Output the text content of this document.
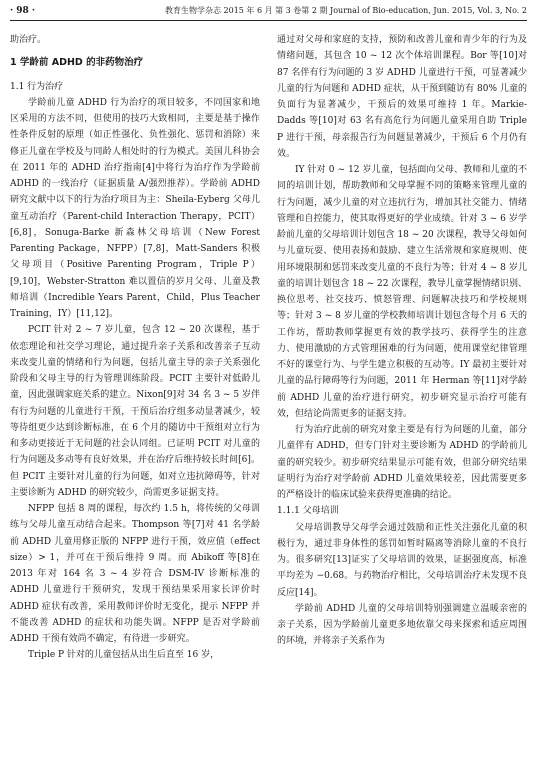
· 98 ·	教育生物学杂志 2015 年 6 月 第 3 卷第 2 期 Journal of Bio-education, Jun. 2015, Vol. 3, No. 2

助治疗。

1 学龄前 ADHD 的非药物治疗

1.1 行为治疗

学龄前儿童 ADHD 行为治疗的项目较多，不同国家和地区采用的方法不同，但使用的技巧大致相同，主要是基于操作性条件反射的原理（如正性强化、负性强化、惩罚和消除）来修正儿童在学校及与同龄人相处时的行为模式。美国儿科协会在 2011 年的 ADHD 治疗指南[4]中将行为治疗作为学龄前 ADHD 的一线治疗（证据质量 A/强烈推荐）。学龄前 ADHD 研究文献中以下的行为治疗项目为主：Sheila-Eyberg 父母儿童互动治疗（Parent-child Interaction Therapy，PCIT）[6,8]，Sonuga-Barke 新森林父母培训（New Forest Parenting Package，NFPP）[7,8]，Matt-Sanders 积极父母项目（Positive Parenting Program，Triple P）[9,10]，Webster-Stratton 难以置信的岁月父母、儿童及教师培训（Incredible Years Parent，Child，Plus Teacher Training，IY）[11,12]。

PCIT 针对 2 ~ 7 岁儿童，包含 12 ~ 20 次课程，基于依恋理论和社交学习理论，通过提升亲子关系和改善亲子互动来改变儿童的情绪和行为问题，包括儿童主导的亲子关系强化阶段和父母主导的行为管理训练阶段。PCIT 主要针对低龄儿童，因此强调家庭关系的建立。Nixon[9]对 34 名 3 ~ 5 岁伴有行为问题的儿童进行干预，干预后治疗组多动显著减少，较等待组更少达到诊断标准，在 6 个月的随访中干预组对立行为和多动更接近于无问题的社会认同组。已证明 PCIT 对儿童的行为问题及多动等有良好效果，并在治疗后维持较长时间[6]。但 PCIT 主要针对儿童的行为问题，如对立违抗障碍等，针对主要诊断为 ADHD 的研究较少，尚需更多证据支持。

NFPP 包括 8 周的课程，每次约 1.5 h，将传统的父母训练与父母儿童互动结合起来。Thompson 等[7]对 41 名学龄前 ADHD 儿童用修正版的 NFPP 进行干预，效应值（effect size）> 1，并可在干预后维持 9 周。而 Abikoff 等[8]在 2013 年对 164 名 3 ~ 4 岁符合 DSM-IV 诊断标准的 ADHD 儿童进行干预研究，发现干预结果采用家长评价时 ADHD 症状有改善，采用教师评价时无变化，提示 NFPP 并不能改善 ADHD 的症状和功能失调。NFPP 是否对学龄前 ADHD 干预有效尚不确定，有待进一步研究。

Triple P 针对的儿童包括从出生后直至 16 岁，

通过对父母和家庭的支持，预防和改善儿童和青少年的行为及情绪问题，其包含 10 ~ 12 次个体培训课程。Bor 等[10]对 87 名伴有行为问题的 3 岁 ADHD 儿童进行干预，可显著减少儿童的行为问题和 ADHD 症状，从干预到随访有 80% 儿童的负面行为显著减少，干预后的效果可维持 1 年。Markie-Dadds 等[10]对 63 名有高危行为问题儿童采用自助 Triple P 进行干预，母亲报告行为问题显著减少，干预后 6 个月仍有效。

IY 针对 0 ~ 12 岁儿童，包括面向父母、教师和儿童的不同的培训计划，帮助教师和父母掌握不同的策略来管理儿童的行为问题，减少儿童的对立违抗行为，增加其社交能力、情绪管理和自控能力，使其取得更好的学业成绩。针对 3 ~ 6 岁学龄前儿童的父母培训计划包含 18 ~ 20 次课程，教导父母如何与儿童玩耍、使用表扬和鼓励、建立生活常规和家庭规则、使用环境限制和惩罚来改变儿童的不良行为等；针对 4 ~ 8 岁儿童的培训计划包含 18 ~ 22 次课程，教导儿童掌握情绪识别、换位思考、社交技巧、愤怒管理、问题解决技巧和学校规则等；针对 3 ~ 8 岁儿童的学校教师培训计划包含每个月 6 天的工作坊，帮助教师掌握更有效的教学技巧、获得学生的注意力、使用激励的方式管理困难的行为问题，使用课堂纪律管理不好的课堂行为、与学生建立积极的互动等。IY 最初主要针对儿童的品行障碍等行为问题，2011 年 Herman 等[11]对学龄前 ADHD 儿童的治疗进行研究，初步研究显示治疗可能有效，但结论尚需更多的证据支持。

行为治疗此前的研究对象主要是有行为问题的儿童，部分儿童伴有 ADHD，但专门针对主要诊断为 ADHD 的学龄前儿童的研究较少。初步研究结果显示可能有效，但部分研究结果证明行为治疗对学龄前 ADHD 儿童效果较差，因此需要更多的严格设计的临床试验来获得更准确的结论。

1.1.1 父母培训

父母培训教导父母学会通过鼓励和正性关注强化儿童的积极行为，通过非身体性的惩罚如暂时隔离等消除儿童的不良行为。很多研究[13]证实了父母培训的效果，证据强度高，标准平均差为 −0.68。与药物治疗相比，父母培训治疗未发现不良反应[14]。

学龄前 ADHD 儿童的父母培训特别强调建立温暖亲密的亲子关系，因为学龄前儿童更多地依靠父母来探索和适应周围的环境，并将亲子关系作为
